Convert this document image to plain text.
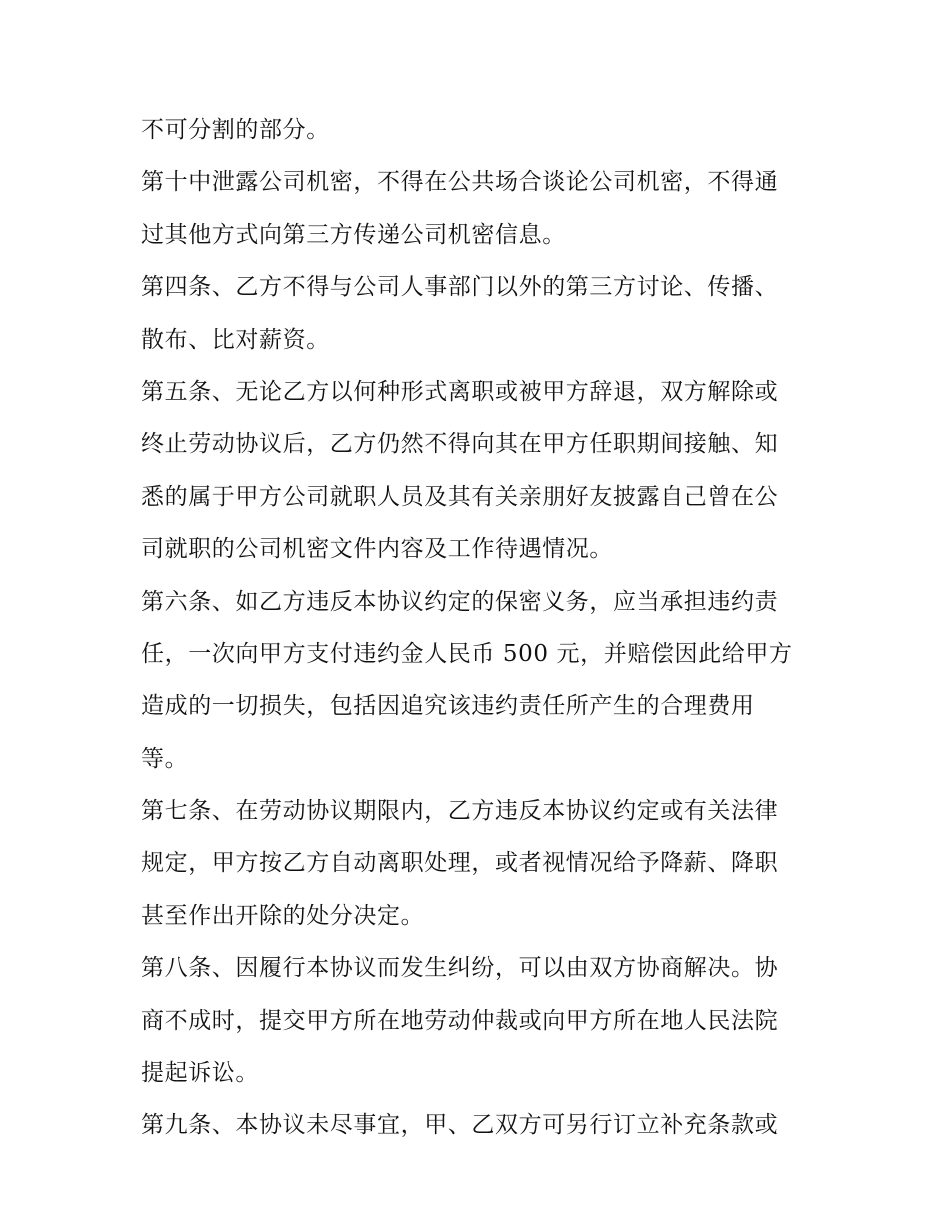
不可分割的部分。
第十中泄露公司机密，不得在公共场合谈论公司机密，不得通
过其他方式向第三方传递公司机密信息。
第四条、乙方不得与公司人事部门以外的第三方讨论、传播、
散布、比对薪资。
第五条、无论乙方以何种形式离职或被甲方辞退，双方解除或
终止劳动协议后，乙方仍然不得向其在甲方任职期间接触、知
悉的属于甲方公司就职人员及其有关亲朋好友披露自己曾在公
司就职的公司机密文件内容及工作待遇情况。
第六条、如乙方违反本协议约定的保密义务，应当承担违约责
任，一次向甲方支付违约金人民币 500 元，并赔偿因此给甲方
造成的一切损失，包括因追究该违约责任所产生的合理费用
等。
第七条、在劳动协议期限内，乙方违反本协议约定或有关法律
规定，甲方按乙方自动离职处理，或者视情况给予降薪、降职
甚至作出开除的处分决定。
第八条、因履行本协议而发生纠纷，可以由双方协商解决。协
商不成时，提交甲方所在地劳动仲裁或向甲方所在地人民法院
提起诉讼。
第九条、本协议未尽事宜，甲、乙双方可另行订立补充条款或
